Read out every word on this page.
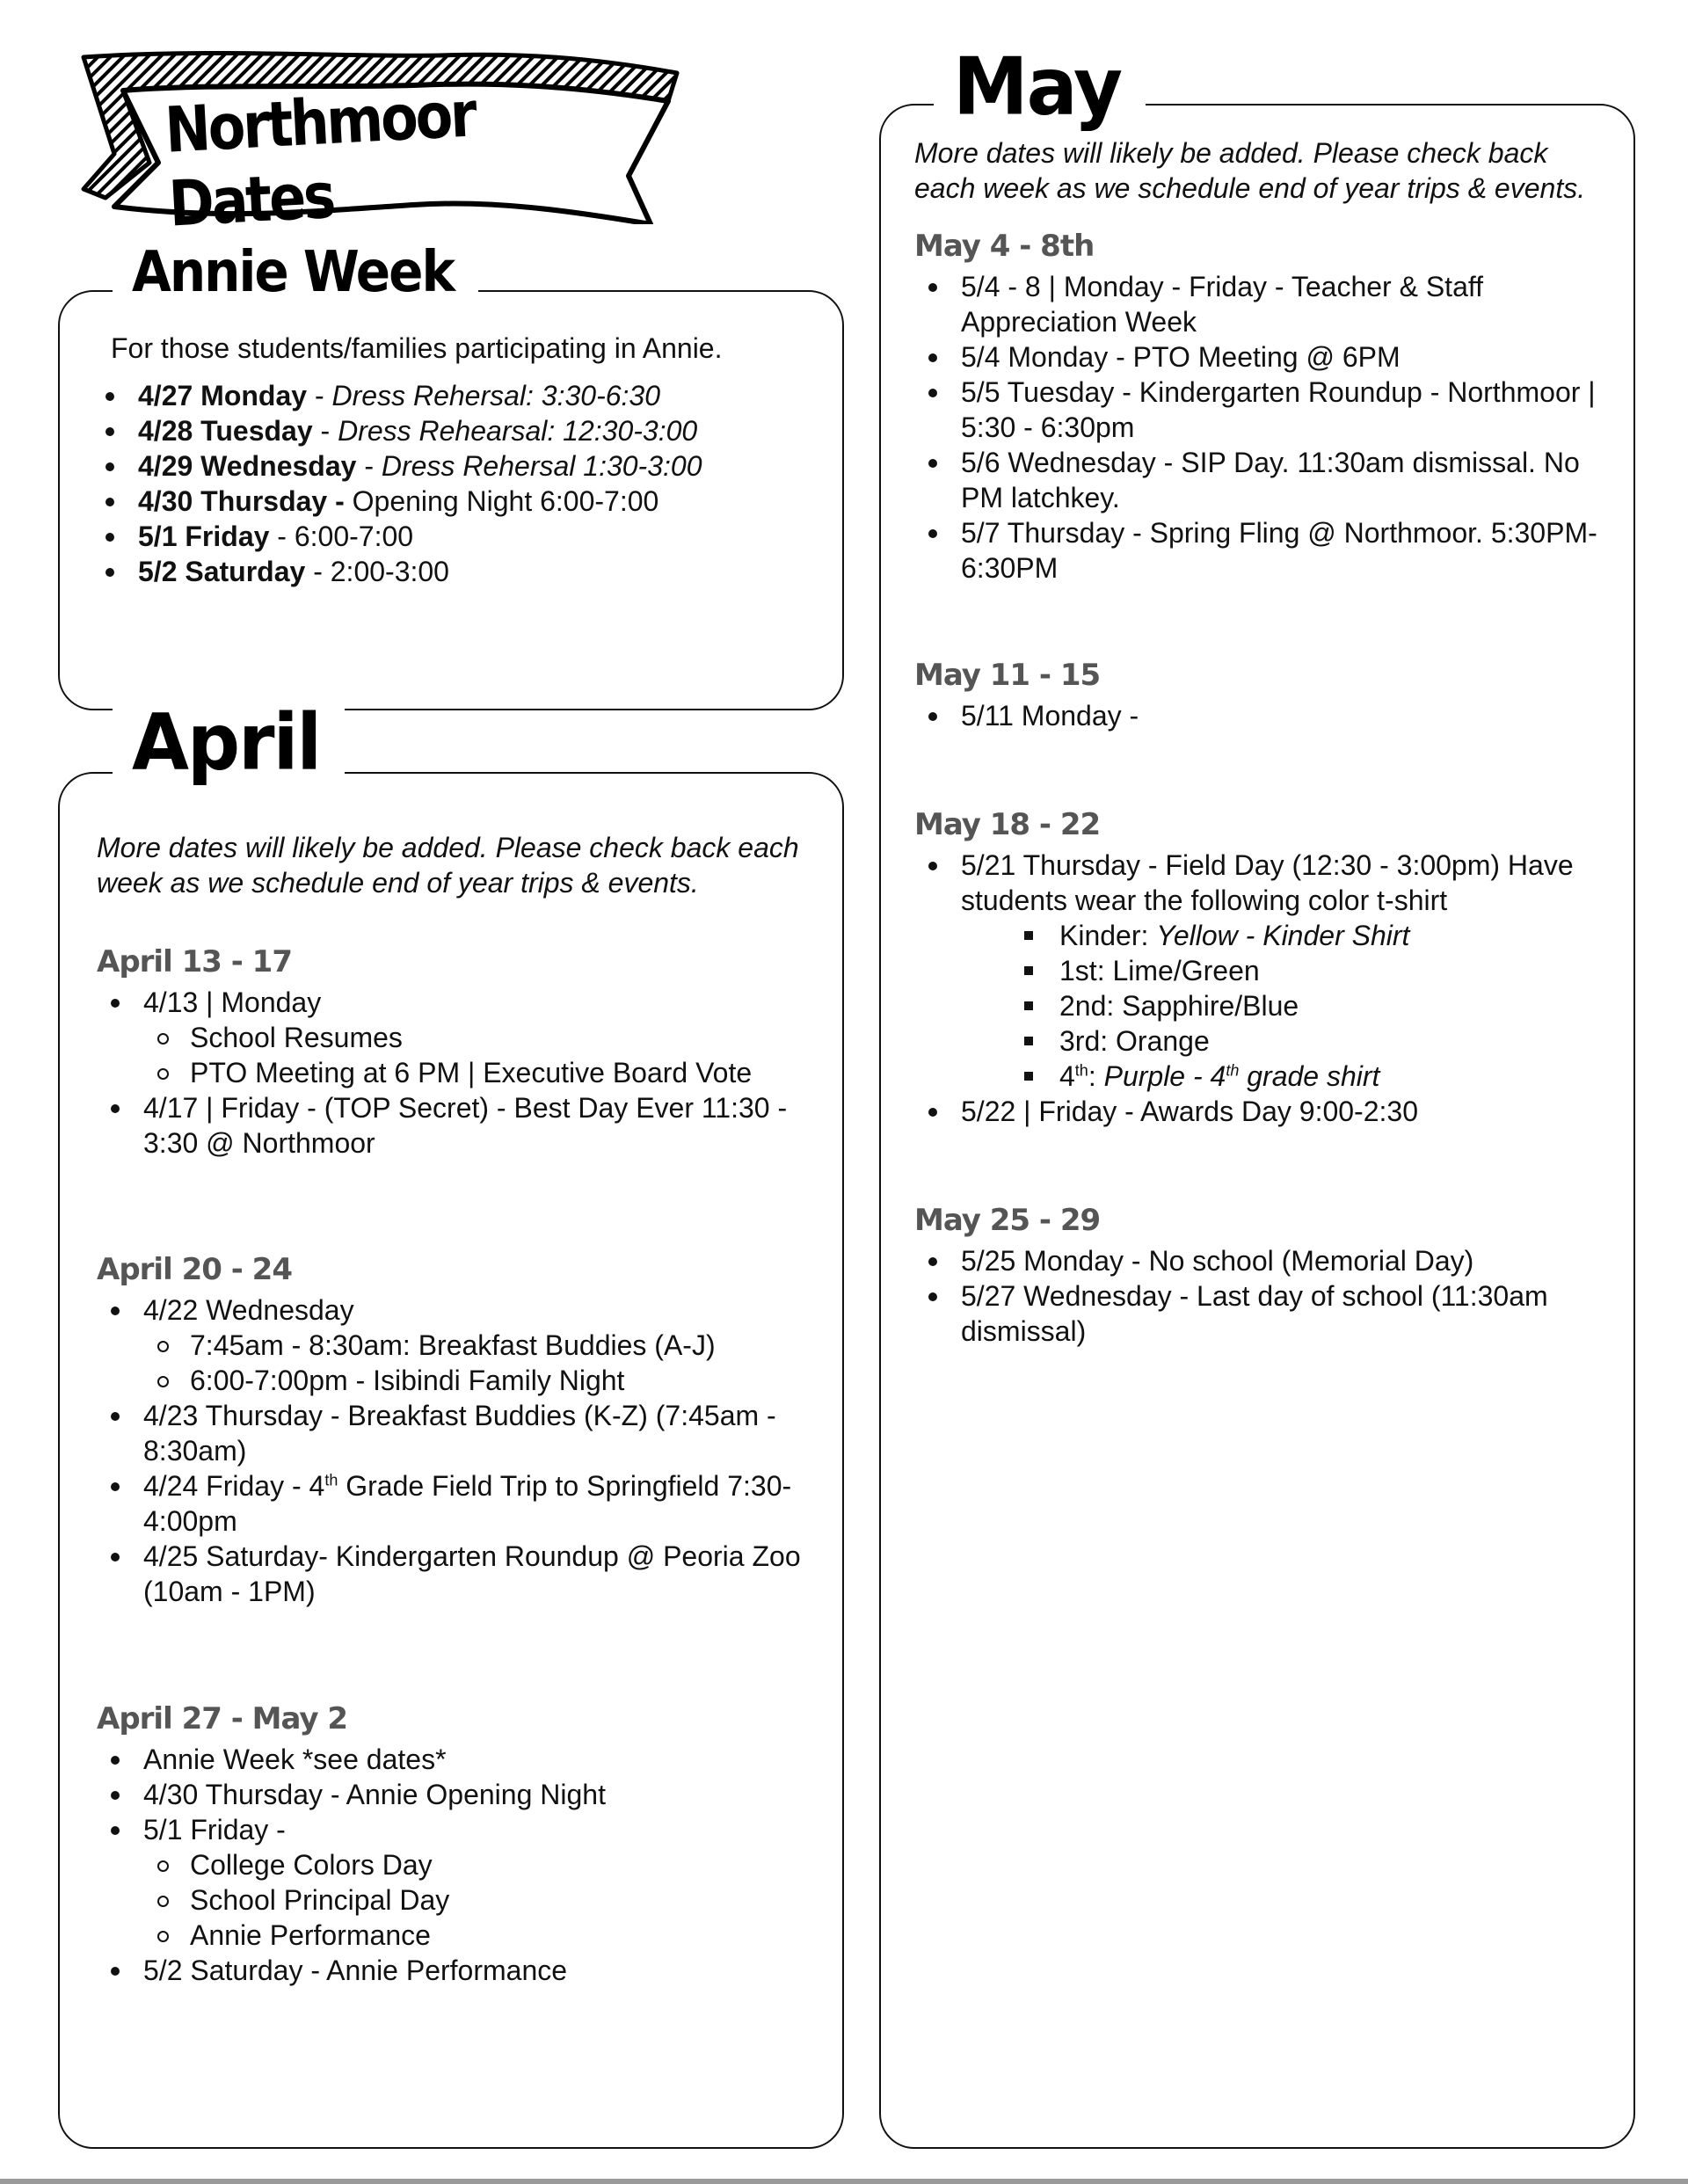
Northmoor Dates
Annie Week
For those students/families participating in Annie.
4/27 Monday - Dress Rehersal: 3:30-6:30
4/28 Tuesday - Dress Rehearsal: 12:30-3:00
4/29 Wednesday - Dress Rehersal 1:30-3:00
4/30 Thursday - Opening Night 6:00-7:00
5/1 Friday - 6:00-7:00
5/2 Saturday - 2:00-3:00
April
More dates will likely be added. Please check back each week as we schedule end of year trips & events.
April 13 - 17
4/13 | Monday
School Resumes
PTO Meeting at 6 PM | Executive Board Vote
4/17 | Friday - (TOP Secret) - Best Day Ever 11:30 - 3:30 @ Northmoor
April 20 - 24
4/22 Wednesday
7:45am - 8:30am: Breakfast Buddies (A-J)
6:00-7:00pm - Isibindi Family Night
4/23 Thursday - Breakfast Buddies (K-Z) (7:45am - 8:30am)
4/24 Friday - 4th Grade Field Trip to Springfield 7:30-4:00pm
4/25 Saturday- Kindergarten Roundup @ Peoria Zoo (10am - 1PM)
April 27 - May 2
Annie Week *see dates*
4/30 Thursday - Annie Opening Night
5/1 Friday -
College Colors Day
School Principal Day
Annie Performance
5/2 Saturday - Annie Performance
May
More dates will likely be added. Please check back each week as we schedule end of year trips & events.
May 4 - 8th
5/4 - 8 | Monday - Friday - Teacher & Staff Appreciation Week
5/4 Monday - PTO Meeting @ 6PM
5/5 Tuesday - Kindergarten Roundup - Northmoor | 5:30 - 6:30pm
5/6 Wednesday - SIP Day. 11:30am dismissal. No PM latchkey.
5/7 Thursday - Spring Fling @ Northmoor. 5:30PM-6:30PM
May 11 - 15
5/11 Monday -
May 18 - 22
5/21 Thursday - Field Day (12:30 - 3:00pm) Have students wear the following color t-shirt
Kinder: Yellow - Kinder Shirt
1st: Lime/Green
2nd: Sapphire/Blue
3rd: Orange
4th: Purple - 4th grade shirt
5/22 | Friday - Awards Day 9:00-2:30
May 25 - 29
5/25 Monday - No school (Memorial Day)
5/27 Wednesday - Last day of school (11:30am dismissal)
